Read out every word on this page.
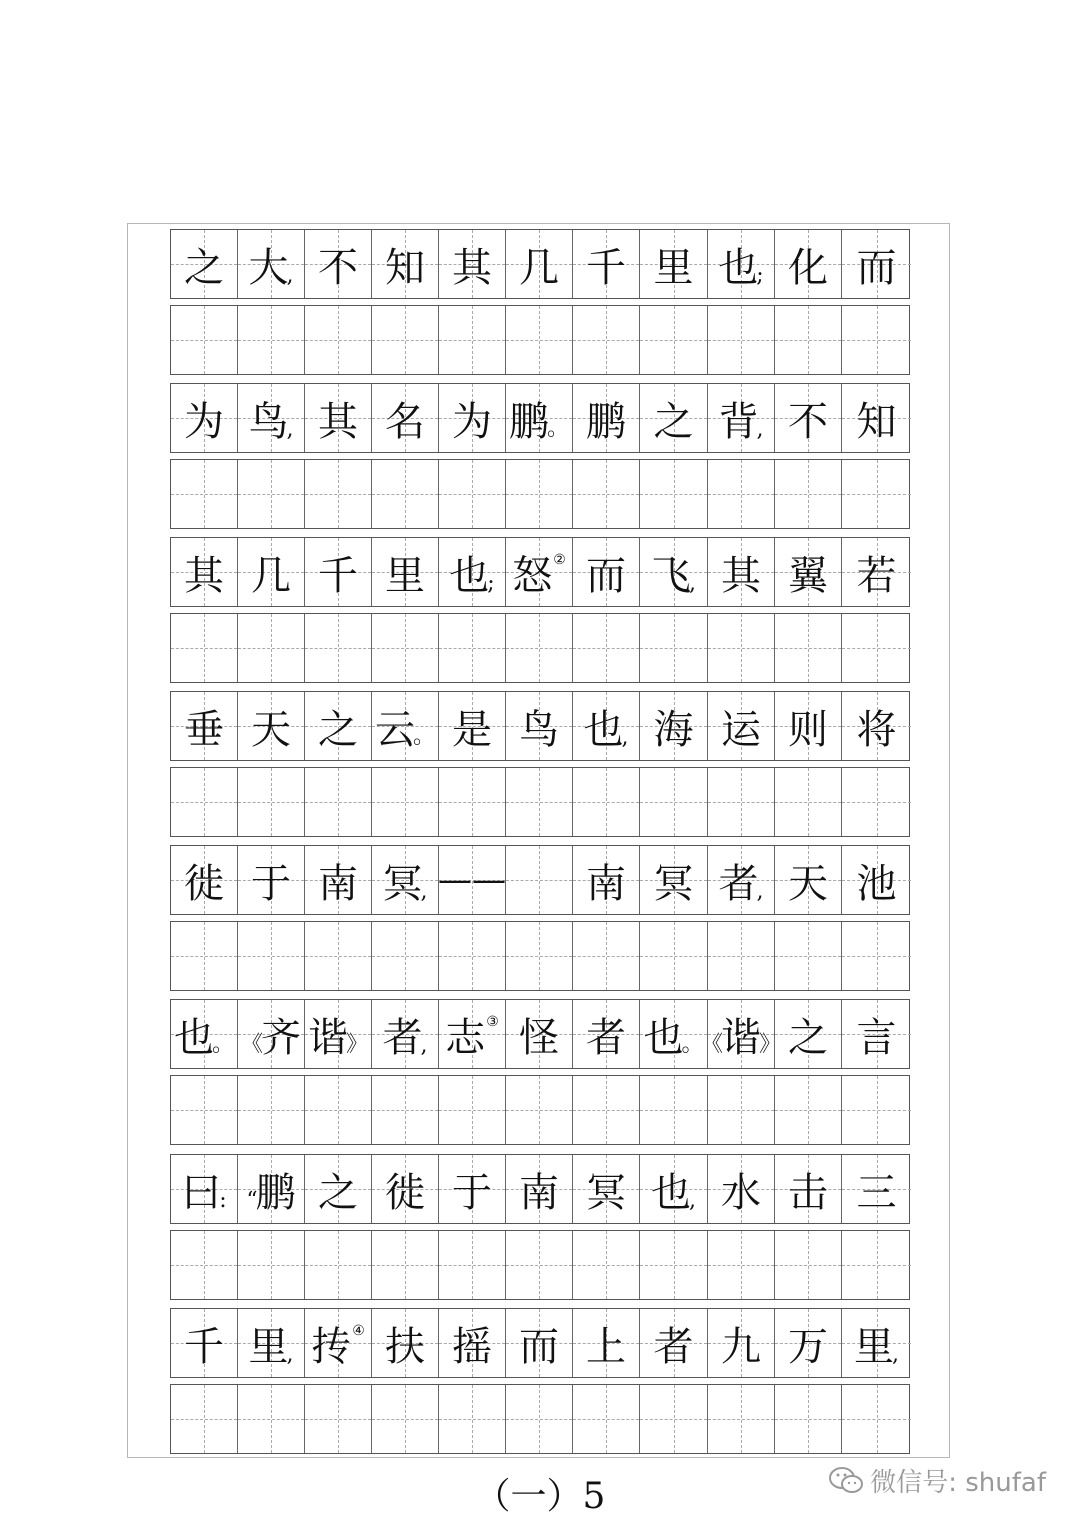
之 大
, 不 知 其 几 千 里 也
; 化 而
为 鸟
, 其 名 为 鹏
。 鹏 之 背
, 不 知
其 几 千 里 也
; 怒 ② 而 飞
, 其 翼 若
垂 天 之 云
。 是 鸟 也
, 海 运 则 将
徙 于 南 冥
, —— 南 冥 者
, 天 池
也
。 《
齐 谐
》 者
, 志 ③ 怪 者 也
。
《
谐
》 之 言
曰
: “
鹏 之 徙 于 南 冥 也
, 水 击 三
千 里
, 抟 ④ 扶 摇 而 上 者 九 万 里
,
（一）5	微信号: shufaf
